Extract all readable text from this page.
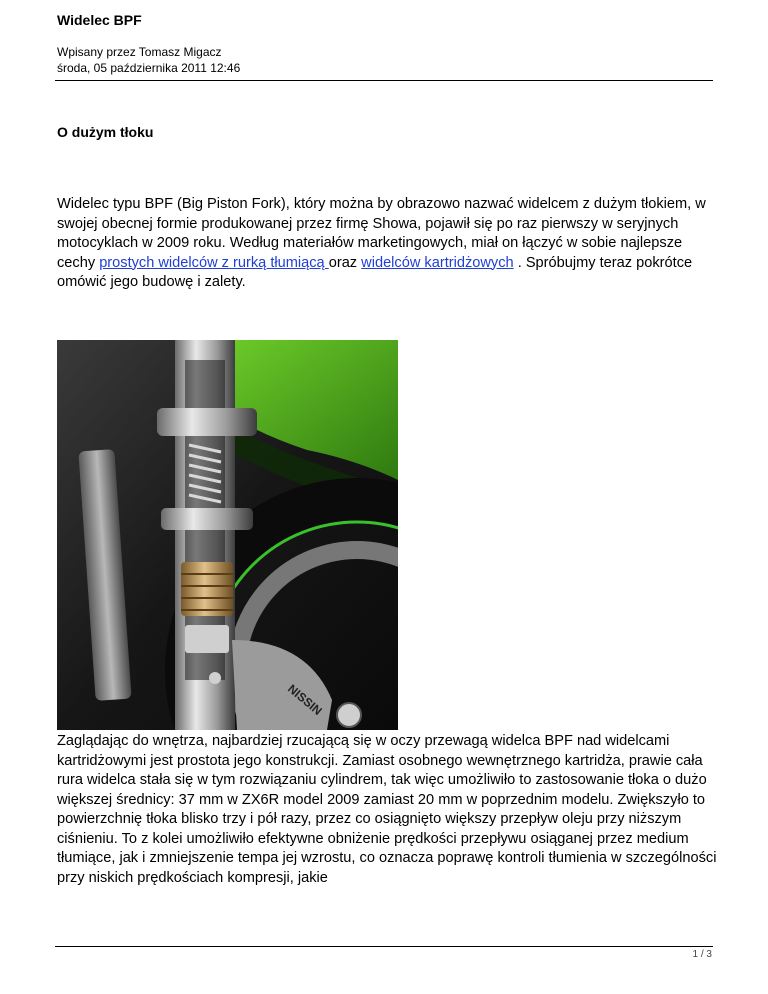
Widelec BPF
Wpisany przez Tomasz Migacz
środa, 05 października 2011 12:46
O dużym tłoku

Widelec typu BPF (Big Piston Fork), który można by obrazowo nazwać widelcem z dużym tłokiem, w swojej obecnej formie produkowanej przez firmę Showa, pojawił się po raz pierwszy w seryjnych motocyklach w 2009 roku. Według materiałów marketingowych, miał on łączyć w sobie najlepsze cechy prostych widelców z rurką tłumiącą oraz widelców kartridżowych . Spróbujmy teraz pokrótce omówić jego budowę i zalety.

NISSIN

Zaglądając do wnętrza, najbardziej rzucającą się w oczy przewagą widelca BPF nad widelcami kartridżowymi jest prostota jego konstrukcji. Zamiast osobnego wewnętrznego kartridża, prawie cała rura widelca stała się w tym rozwiązaniu cylindrem, tak więc umożliwiło to zastosowanie tłoka o dużo większej średnicy: 37 mm w ZX6R model 2009 zamiast 20 mm w poprzednim modelu. Zwiększyło to powierzchnię tłoka blisko trzy i pół razy, przez co osiągnięto większy przepływ oleju przy niższym ciśnieniu. To z kolei umożliwiło efektywne obniżenie prędkości przepływu osiąganej przez medium tłumiące, jak i zmniejszenie tempa jej wzrostu, co oznacza poprawę kontroli tłumienia w szczególności przy niskich prędkościach kompresji, jakie

1 / 3
